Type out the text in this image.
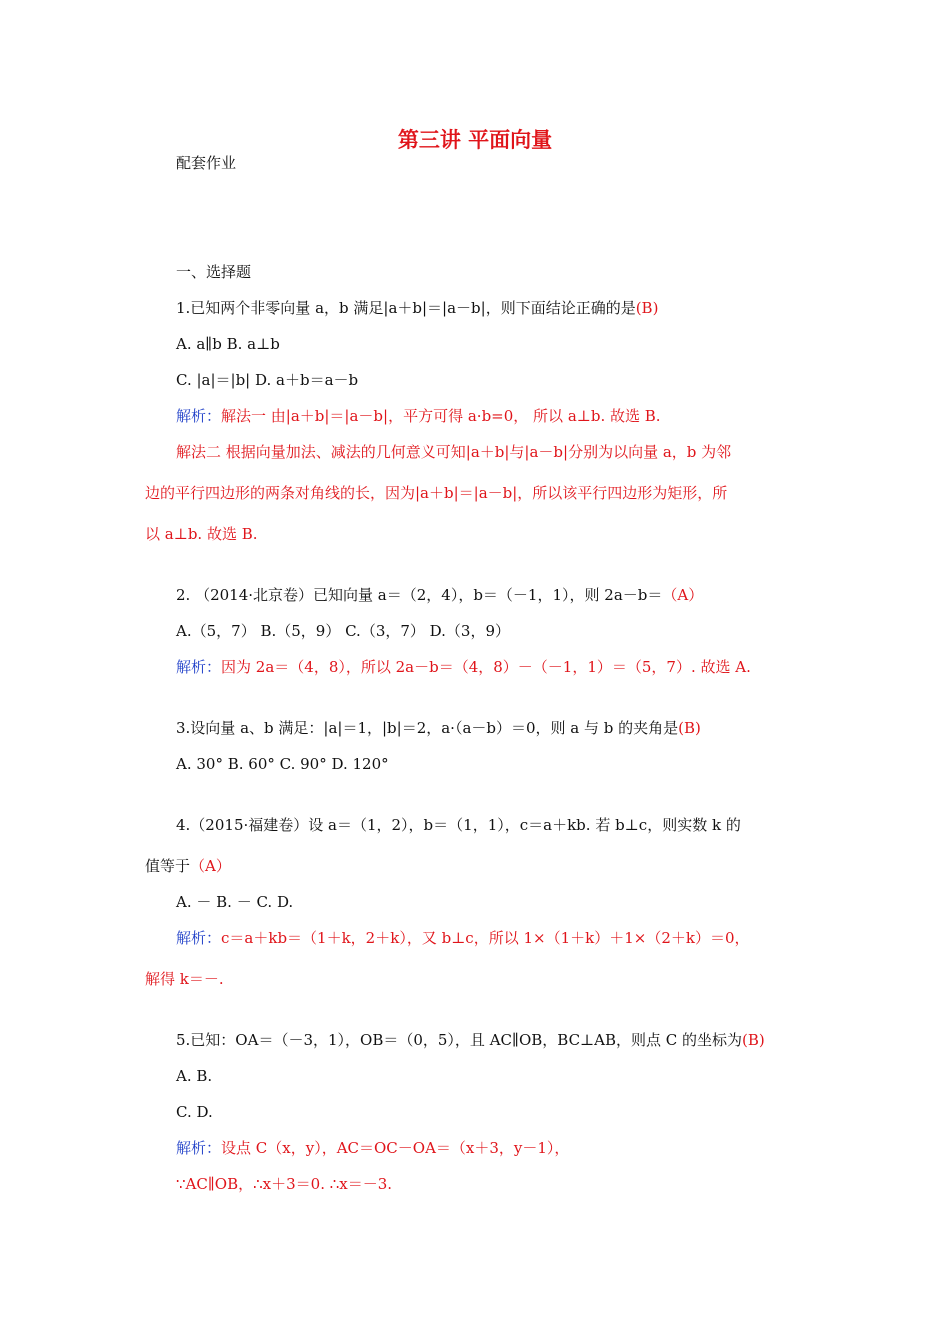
第三讲 平面向量
配套作业
一、选择题
1.已知两个非零向量 a，b 满足|a＋b|＝|a－b|，则下面结论正确的是(B)
A. a∥b B. a⊥b
C. |a|＝|b| D. a＋b＝a－b
解析：解法一 由|a＋b|＝|a－b|，平方可得 a·b=0， 所以 a⊥b. 故选 B.
解法二 根据向量加法、减法的几何意义可知|a＋b|与|a－b|分别为以向量 a，b 为邻
边的平行四边形的两条对角线的长，因为|a＋b|＝|a－b|，所以该平行四边形为矩形，所
以 a⊥b. 故选 B.
2. （2014·北京卷）已知向量 a＝（2，4），b＝（－1，1），则 2a－b＝（A）
A.（5，7） B.（5，9） C.（3，7） D.（3，9）
解析：因为 2a＝（4，8），所以 2a－b＝（4，8）－（－1，1）＝（5，7）. 故选 A.
3.设向量 a、b 满足：|a|＝1，|b|＝2，a·（a－b）＝0，则 a 与 b 的夹角是(B)
A. 30° B. 60° C. 90° D. 120°
4.（2015·福建卷）设 a＝（1，2），b＝（1，1），c＝a＋kb. 若 b⊥c，则实数 k 的
值等于（A）
A. － B. － C. D.
解析：c＝a＋kb＝（1＋k，2＋k），又 b⊥c，所以 1×（1＋k）＋1×（2＋k）＝0，
解得 k＝－.
5.已知：OA＝（－3，1），OB＝（0，5），且 AC∥OB，BC⊥AB，则点 C 的坐标为(B)
A. B.
C. D.
解析：设点 C（x，y），AC＝OC－OA＝（x＋3，y－1），
∵AC∥OB，∴x＋3＝0. ∴x＝－3.
